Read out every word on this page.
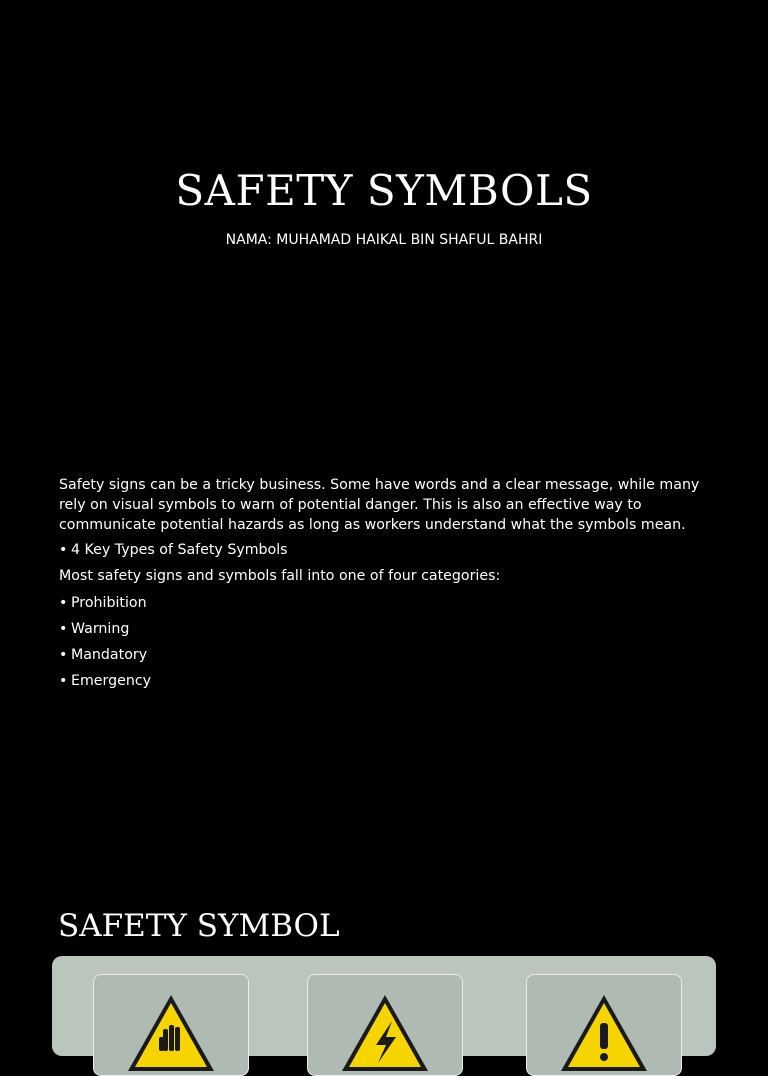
SAFETY SYMBOLS
NAMA: MUHAMAD HAIKAL BIN SHAFUL BAHRI

Safety signs can be a tricky business. Some have words and a clear message, while many rely on visual symbols to warn of potential danger. This is also an effective way to communicate potential hazards as long as workers understand what the symbols mean.

• 4 Key Types of Safety Symbols
Most safety signs and symbols fall into one of four categories:
• Prohibition
• Warning
• Mandatory
• Emergency
SAFETY SYMBOL
